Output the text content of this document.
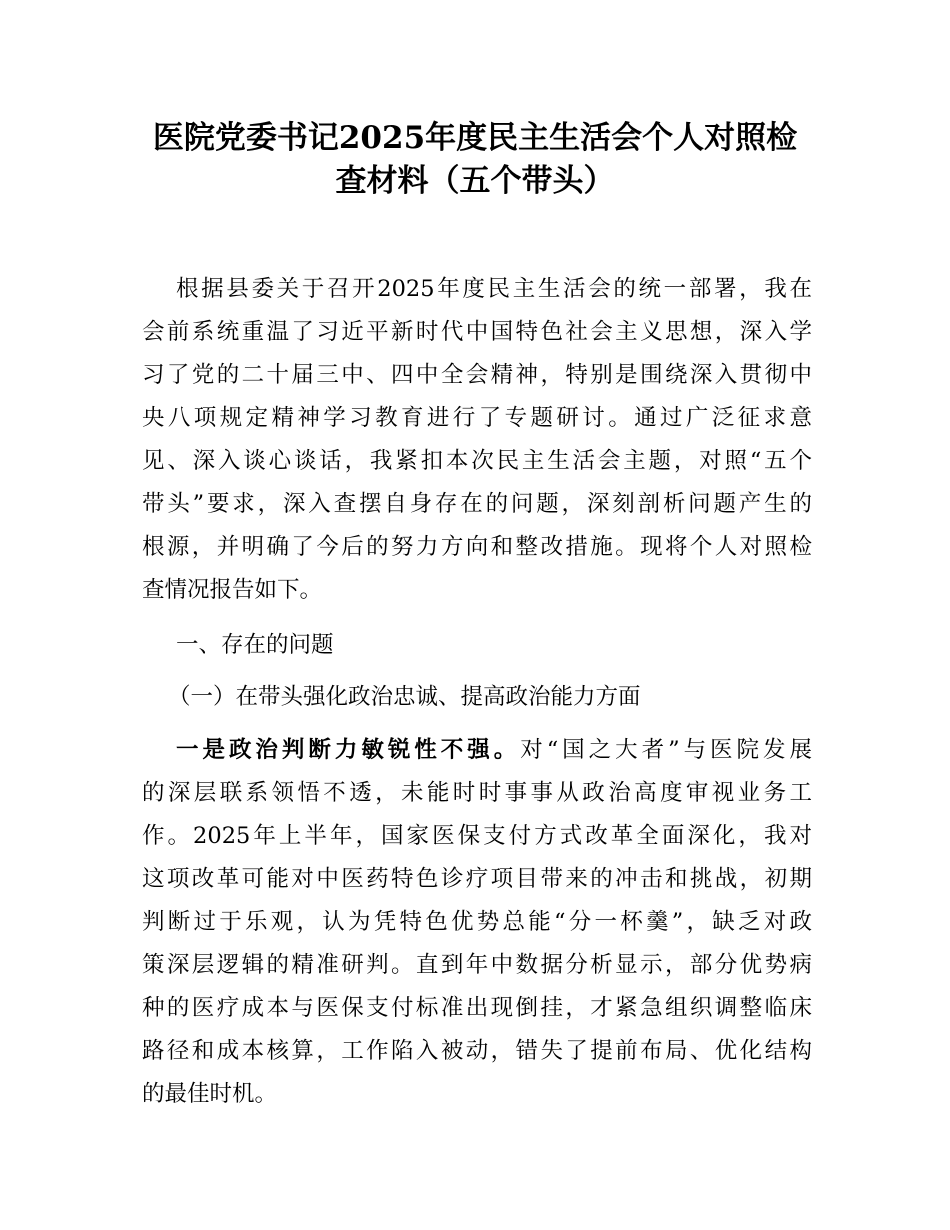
医院党委书记2025年度民主生活会个人对照检
查材料（五个带头）
根据县委关于召开2025年度民主生活会的统一部署，我在
会前系统重温了习近平新时代中国特色社会主义思想，深入学
习了党的二十届三中、四中全会精神，特别是围绕深入贯彻中
央八项规定精神学习教育进行了专题研讨。通过广泛征求意
见、深入谈心谈话，我紧扣本次民主生活会主题，对照“五个
带头”要求，深入查摆自身存在的问题，深刻剖析问题产生的
根源，并明确了今后的努力方向和整改措施。现将个人对照检
查情况报告如下。
一、存在的问题
（一）在带头强化政治忠诚、提高政治能力方面
一是政治判断力敏锐性不强。对“国之大者”与医院发展
的深层联系领悟不透，未能时时事事从政治高度审视业务工
作。2025年上半年，国家医保支付方式改革全面深化，我对
这项改革可能对中医药特色诊疗项目带来的冲击和挑战，初期
判断过于乐观，认为凭特色优势总能“分一杯羹”，缺乏对政
策深层逻辑的精准研判。直到年中数据分析显示，部分优势病
种的医疗成本与医保支付标准出现倒挂，才紧急组织调整临床
路径和成本核算，工作陷入被动，错失了提前布局、优化结构
的最佳时机。
